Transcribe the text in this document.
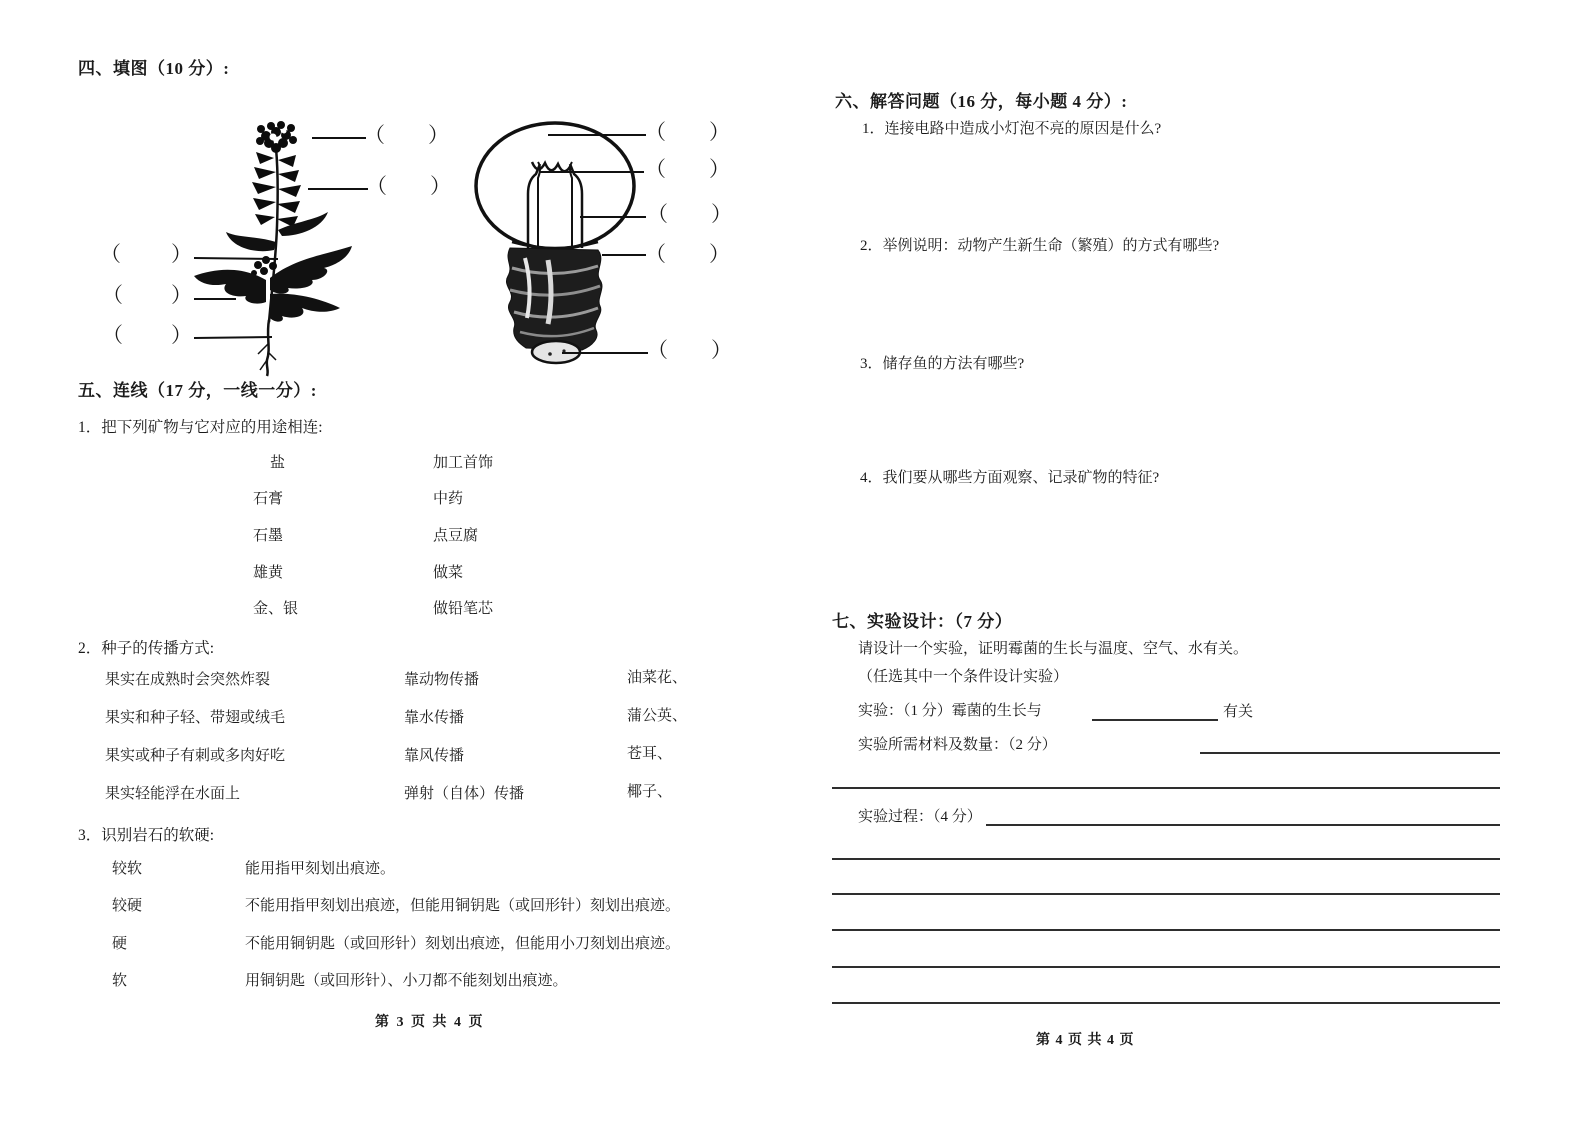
四、填图（10 分）:
（ ）
（ ）
（ ）
（ ）
（ ）
（ ）
（ ）
（ ）
（ ）
（ ）
五、连线（17 分，一线一分）:
1．把下列矿物与它对应的用途相连:
盐
石膏
石墨
雄黄
金、银
加工首饰
中药
点豆腐
做菜
做铅笔芯
2．种子的传播方式:
果实在成熟时会突然炸裂
果实和种子轻、带翅或绒毛
果实或种子有刺或多肉好吃
果实轻能浮在水面上
靠动物传播
靠水传播
靠风传播
弹射（自体）传播
油菜花、
蒲公英、
苍耳、
椰子、
3．识别岩石的软硬:
较软
较硬
硬
软
能用指甲刻划出痕迹。
不能用指甲刻划出痕迹，但能用铜钥匙（或回形针）刻划出痕迹。
不能用铜钥匙（或回形针）刻划出痕迹，但能用小刀刻划出痕迹。
用铜钥匙（或回形针）、小刀都不能刻划出痕迹。
第 3 页 共 4 页
六、解答问题（16 分，每小题 4 分）:
1．连接电路中造成小灯泡不亮的原因是什么?
2．举例说明：动物产生新生命（繁殖）的方式有哪些?
3．储存鱼的方法有哪些?
4．我们要从哪些方面观察、记录矿物的特征?
七、实验设计：（7 分）
请设计一个实验，证明霉菌的生长与温度、空气、水有关。
（任选其中一个条件设计实验）
实验：（1 分）霉菌的生长与	有关
实验所需材料及数量：（2 分）
实验过程：（4 分）
第 4 页 共 4 页
